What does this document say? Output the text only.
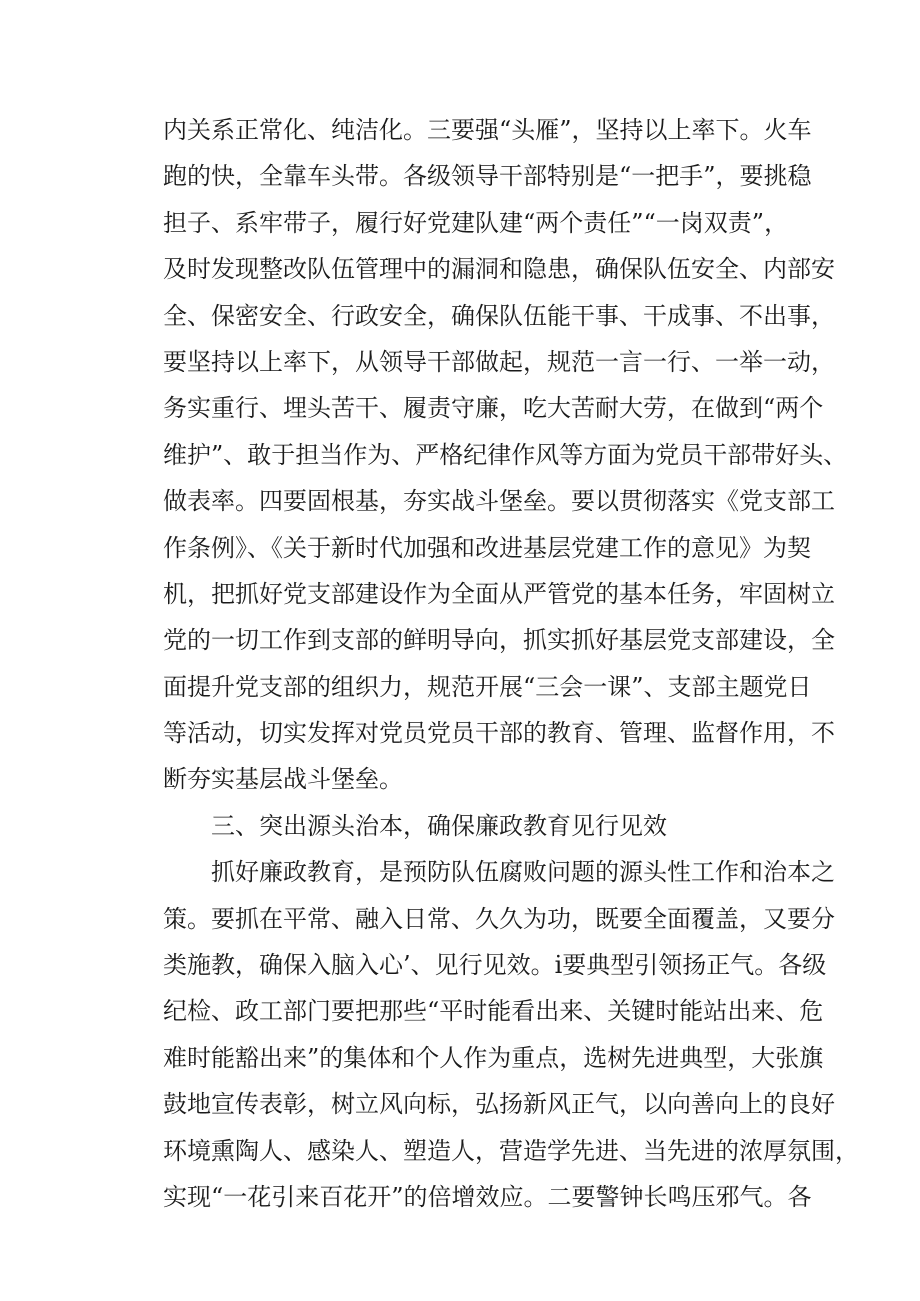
内关系正常化、纯洁化。三要强“头雁”，坚持以上率下。火车
跑的快，全靠车头带。各级领导干部特别是“一把手”，要挑稳
担子、系牢带子，履行好党建队建“两个责任”“一岗双责”，
及时发现整改队伍管理中的漏洞和隐患，确保队伍安全、内部安
全、保密安全、行政安全，确保队伍能干事、干成事、不出事，
要坚持以上率下，从领导干部做起，规范一言一行、一举一动，
务实重行、埋头苦干、履责守廉，吃大苦耐大劳，在做到“两个
维护”、敢于担当作为、严格纪律作风等方面为党员干部带好头、
做表率。四要固根基，夯实战斗堡垒。要以贯彻落实《党支部工
作条例》、《关于新时代加强和改进基层党建工作的意见》为契
机，把抓好党支部建设作为全面从严管党的基本任务，牢固树立
党的一切工作到支部的鲜明导向，抓实抓好基层党支部建设，全
面提升党支部的组织力，规范开展“三会一课”、支部主题党日
等活动，切实发挥对党员党员干部的教育、管理、监督作用，不
断夯实基层战斗堡垒。
三、突出源头治本，确保廉政教育见行见效
抓好廉政教育，是预防队伍腐败问题的源头性工作和治本之
策。要抓在平常、融入日常、久久为功，既要全面覆盖，又要分
类施教，确保入脑入心’、见行见效。i要典型引领扬正气。各级
纪检、政工部门要把那些“平时能看出来、关键时能站出来、危
难时能豁出来”的集体和个人作为重点，选树先进典型，大张旗
鼓地宣传表彰，树立风向标，弘扬新风正气，以向善向上的良好
环境熏陶人、感染人、塑造人，营造学先进、当先进的浓厚氛围，
实现“一花引来百花开”的倍增效应。二要警钟长鸣压邪气。各
